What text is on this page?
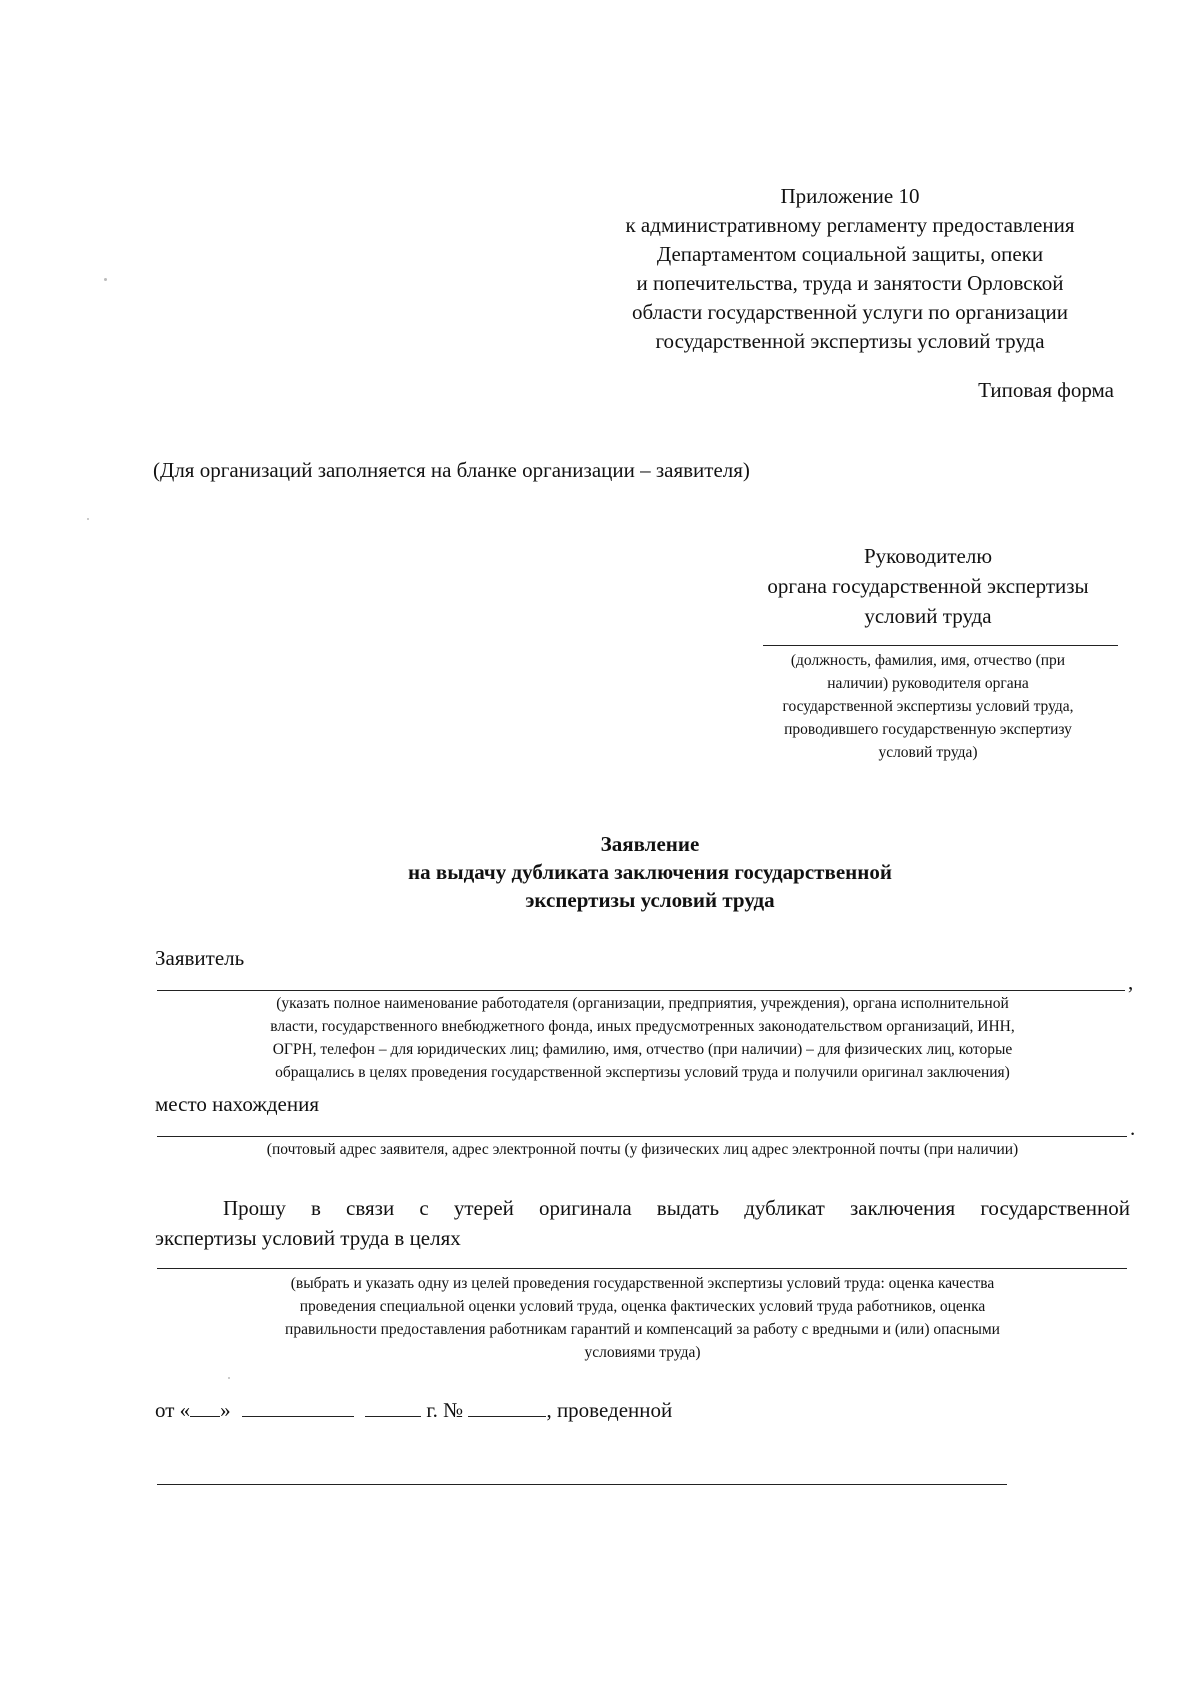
Приложение 10
к административному регламенту предоставления
Департаментом социальной защиты, опеки
и попечительства, труда и занятости Орловской
области государственной услуги по организации
государственной экспертизы условий труда
Типовая форма
(Для организаций заполняется на бланке организации – заявителя)
Руководителю
органа государственной экспертизы
условий труда
(должность, фамилия, имя, отчество (при
наличии) руководителя органа
государственной экспертизы условий труда,
проводившего государственную экспертизу
условий труда)
Заявление
на выдачу дубликата заключения государственной
экспертизы условий труда
Заявитель
,
(указать полное наименование работодателя (организации, предприятия, учреждения), органа исполнительной
власти, государственного внебюджетного фонда, иных предусмотренных законодательством организаций, ИНН,
ОГРН, телефон – для юридических лиц; фамилию, имя, отчество (при наличии) – для физических лиц, которые
обращались в целях проведения государственной экспертизы условий труда и получили оригинал заключения)
место нахождения
.
(почтовый адрес заявителя, адрес электронной почты (у физических лиц адрес электронной почты (при наличии)
Прошу в связи с утерей оригинала выдать дубликат заключения государственной
экспертизы условий труда в целях
(выбрать и указать одну из целей проведения государственной экспертизы условий труда: оценка качества
проведения специальной оценки условий труда, оценка фактических условий труда работников, оценка
правильности предоставления работникам гарантий и компенсаций за работу с вредными и (или) опасными
условиями труда)
от « »	г. №	, проведенной
